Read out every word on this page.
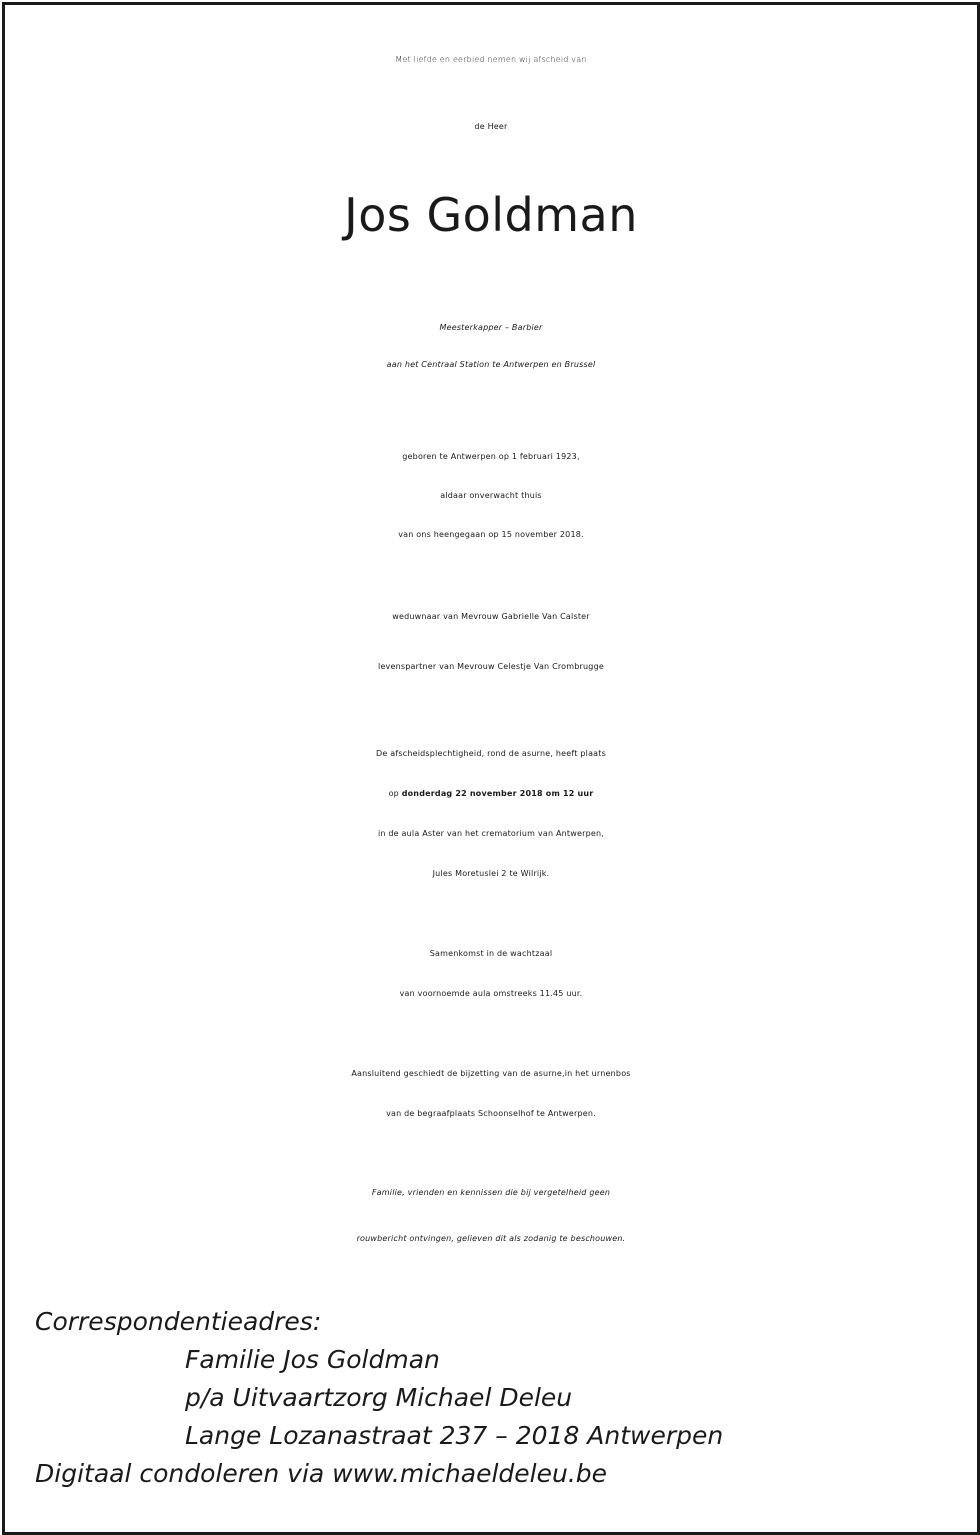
Met liefde en eerbied nemen wij afscheid van
de Heer
Jos Goldman
Meesterkapper – Barbier
aan het Centraal Station te Antwerpen en Brussel
geboren te Antwerpen op 1 februari 1923,
aldaar onverwacht thuis
van ons heengegaan op 15 november 2018.
weduwnaar van Mevrouw Gabrielle Van Calster
levenspartner van Mevrouw Celestje Van Crombrugge
De afscheidsplechtigheid, rond de asurne, heeft plaats
op donderdag 22 november 2018 om 12 uur
in de aula Aster van het crematorium van Antwerpen,
Jules Moretuslei 2 te Wilrijk.
Samenkomst in de wachtzaal
van voornoemde aula omstreeks 11.45 uur.
Aansluitend geschiedt de bijzetting van de asurne,in het urnenbos
van de begraafplaats Schoonselhof te Antwerpen.
Familie, vrienden en kennissen die bij vergetelheid geen
rouwbericht ontvingen, gelieven dit als zodanig te beschouwen.
Correspondentieadres:
Familie Jos Goldman
p/a Uitvaartzorg Michael Deleu
Lange Lozanastraat 237 – 2018 Antwerpen
Digitaal condoleren via www.michaeldeleu.be
